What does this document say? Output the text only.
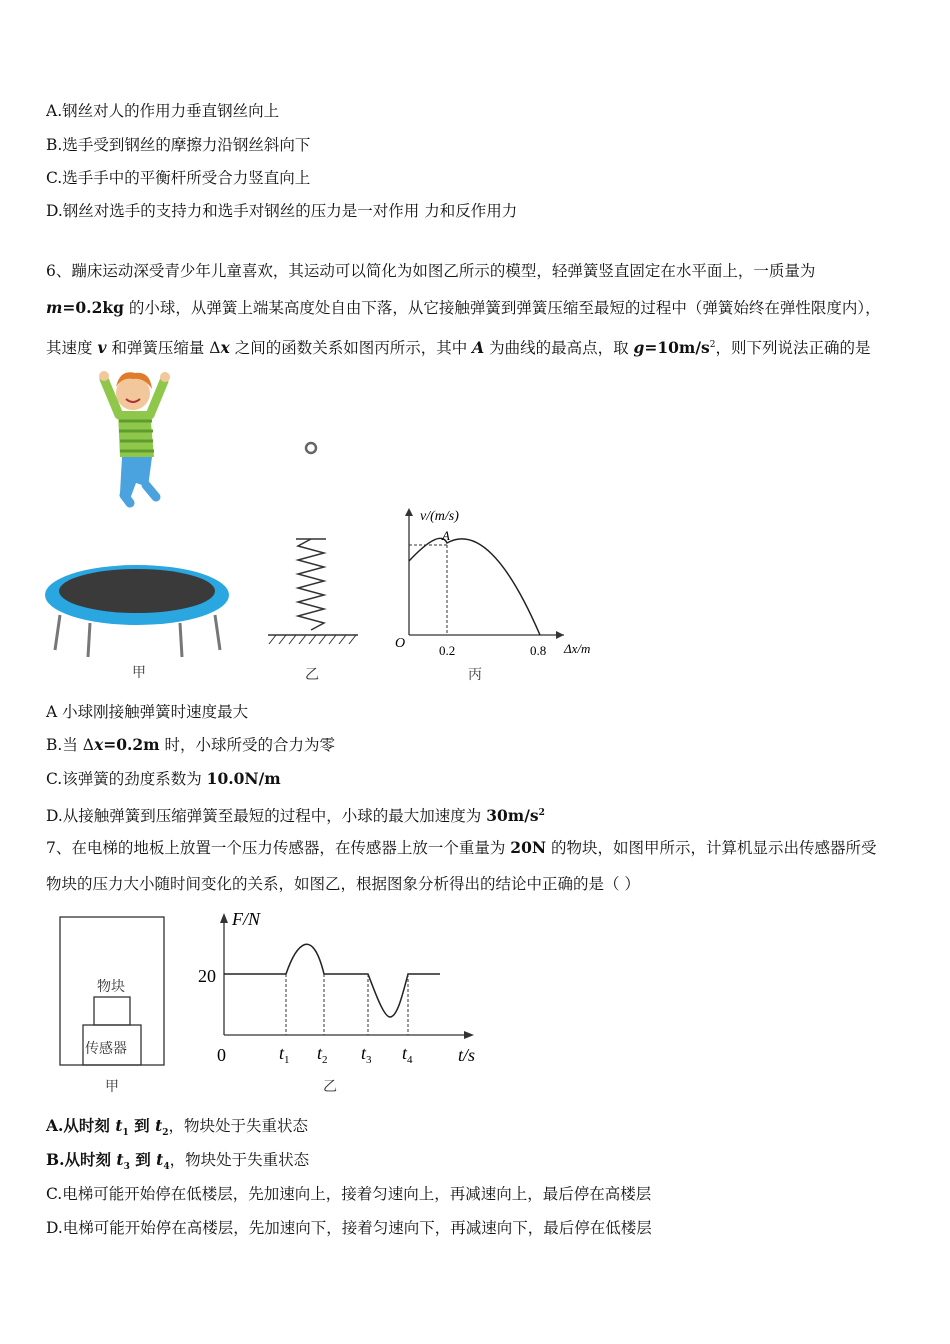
A.钢丝对人的作用力垂直钢丝向上
B.选手受到钢丝的摩擦力沿钢丝斜向下
C.选手手中的平衡杆所受合力竖直向上
D.钢丝对选手的支持力和选手对钢丝的压力是一对作用 力和反作用力
6、蹦床运动深受青少年儿童喜欢，其运动可以简化为如图乙所示的模型，轻弹簧竖直固定在水平面上，一质量为
m=0.2kg 的小球，从弹簧上端某高度处自由下落，从它接触弹簧到弹簧压缩至最短的过程中（弹簧始终在弹性限度内），
其速度 v 和弹簧压缩量 Δx 之间的函数关系如图丙所示，其中 A 为曲线的最高点，取 $g=10m/s^2$，则下列说法正确的是
甲	乙
v/(m/s)
A
O	0.2	0.8 Δx/m
丙
A 小球刚接触弹簧时速度最大
B.当 Δx=0.2m 时，小球所受的合力为零
C.该弹簧的劲度系数为 10.0N/m
D.从接触弹簧到压缩弹簧至最短的过程中，小球的最大加速度为 $30m/s^2$
7、在电梯的地板上放置一个压力传感器，在传感器上放一个重量为 20N 的物块，如图甲所示，计算机显示出传感器所受
物块的压力大小随时间变化的关系，如图乙，根据图象分析得出的结论中正确的是（ ）
物块
传感器
甲
F/N
20
0	$t_1$ $t_2$ $t_3$ $t_4$	t/s
乙
A.从时刻 $t_1$ 到 $t_2$，物块处于失重状态
B.从时刻 $t_3$ 到 $t_4$，物块处于失重状态
C.电梯可能开始停在低楼层，先加速向上，接着匀速向上，再减速向上，最后停在高楼层
D.电梯可能开始停在高楼层，先加速向下，接着匀速向下，再减速向下，最后停在低楼层
